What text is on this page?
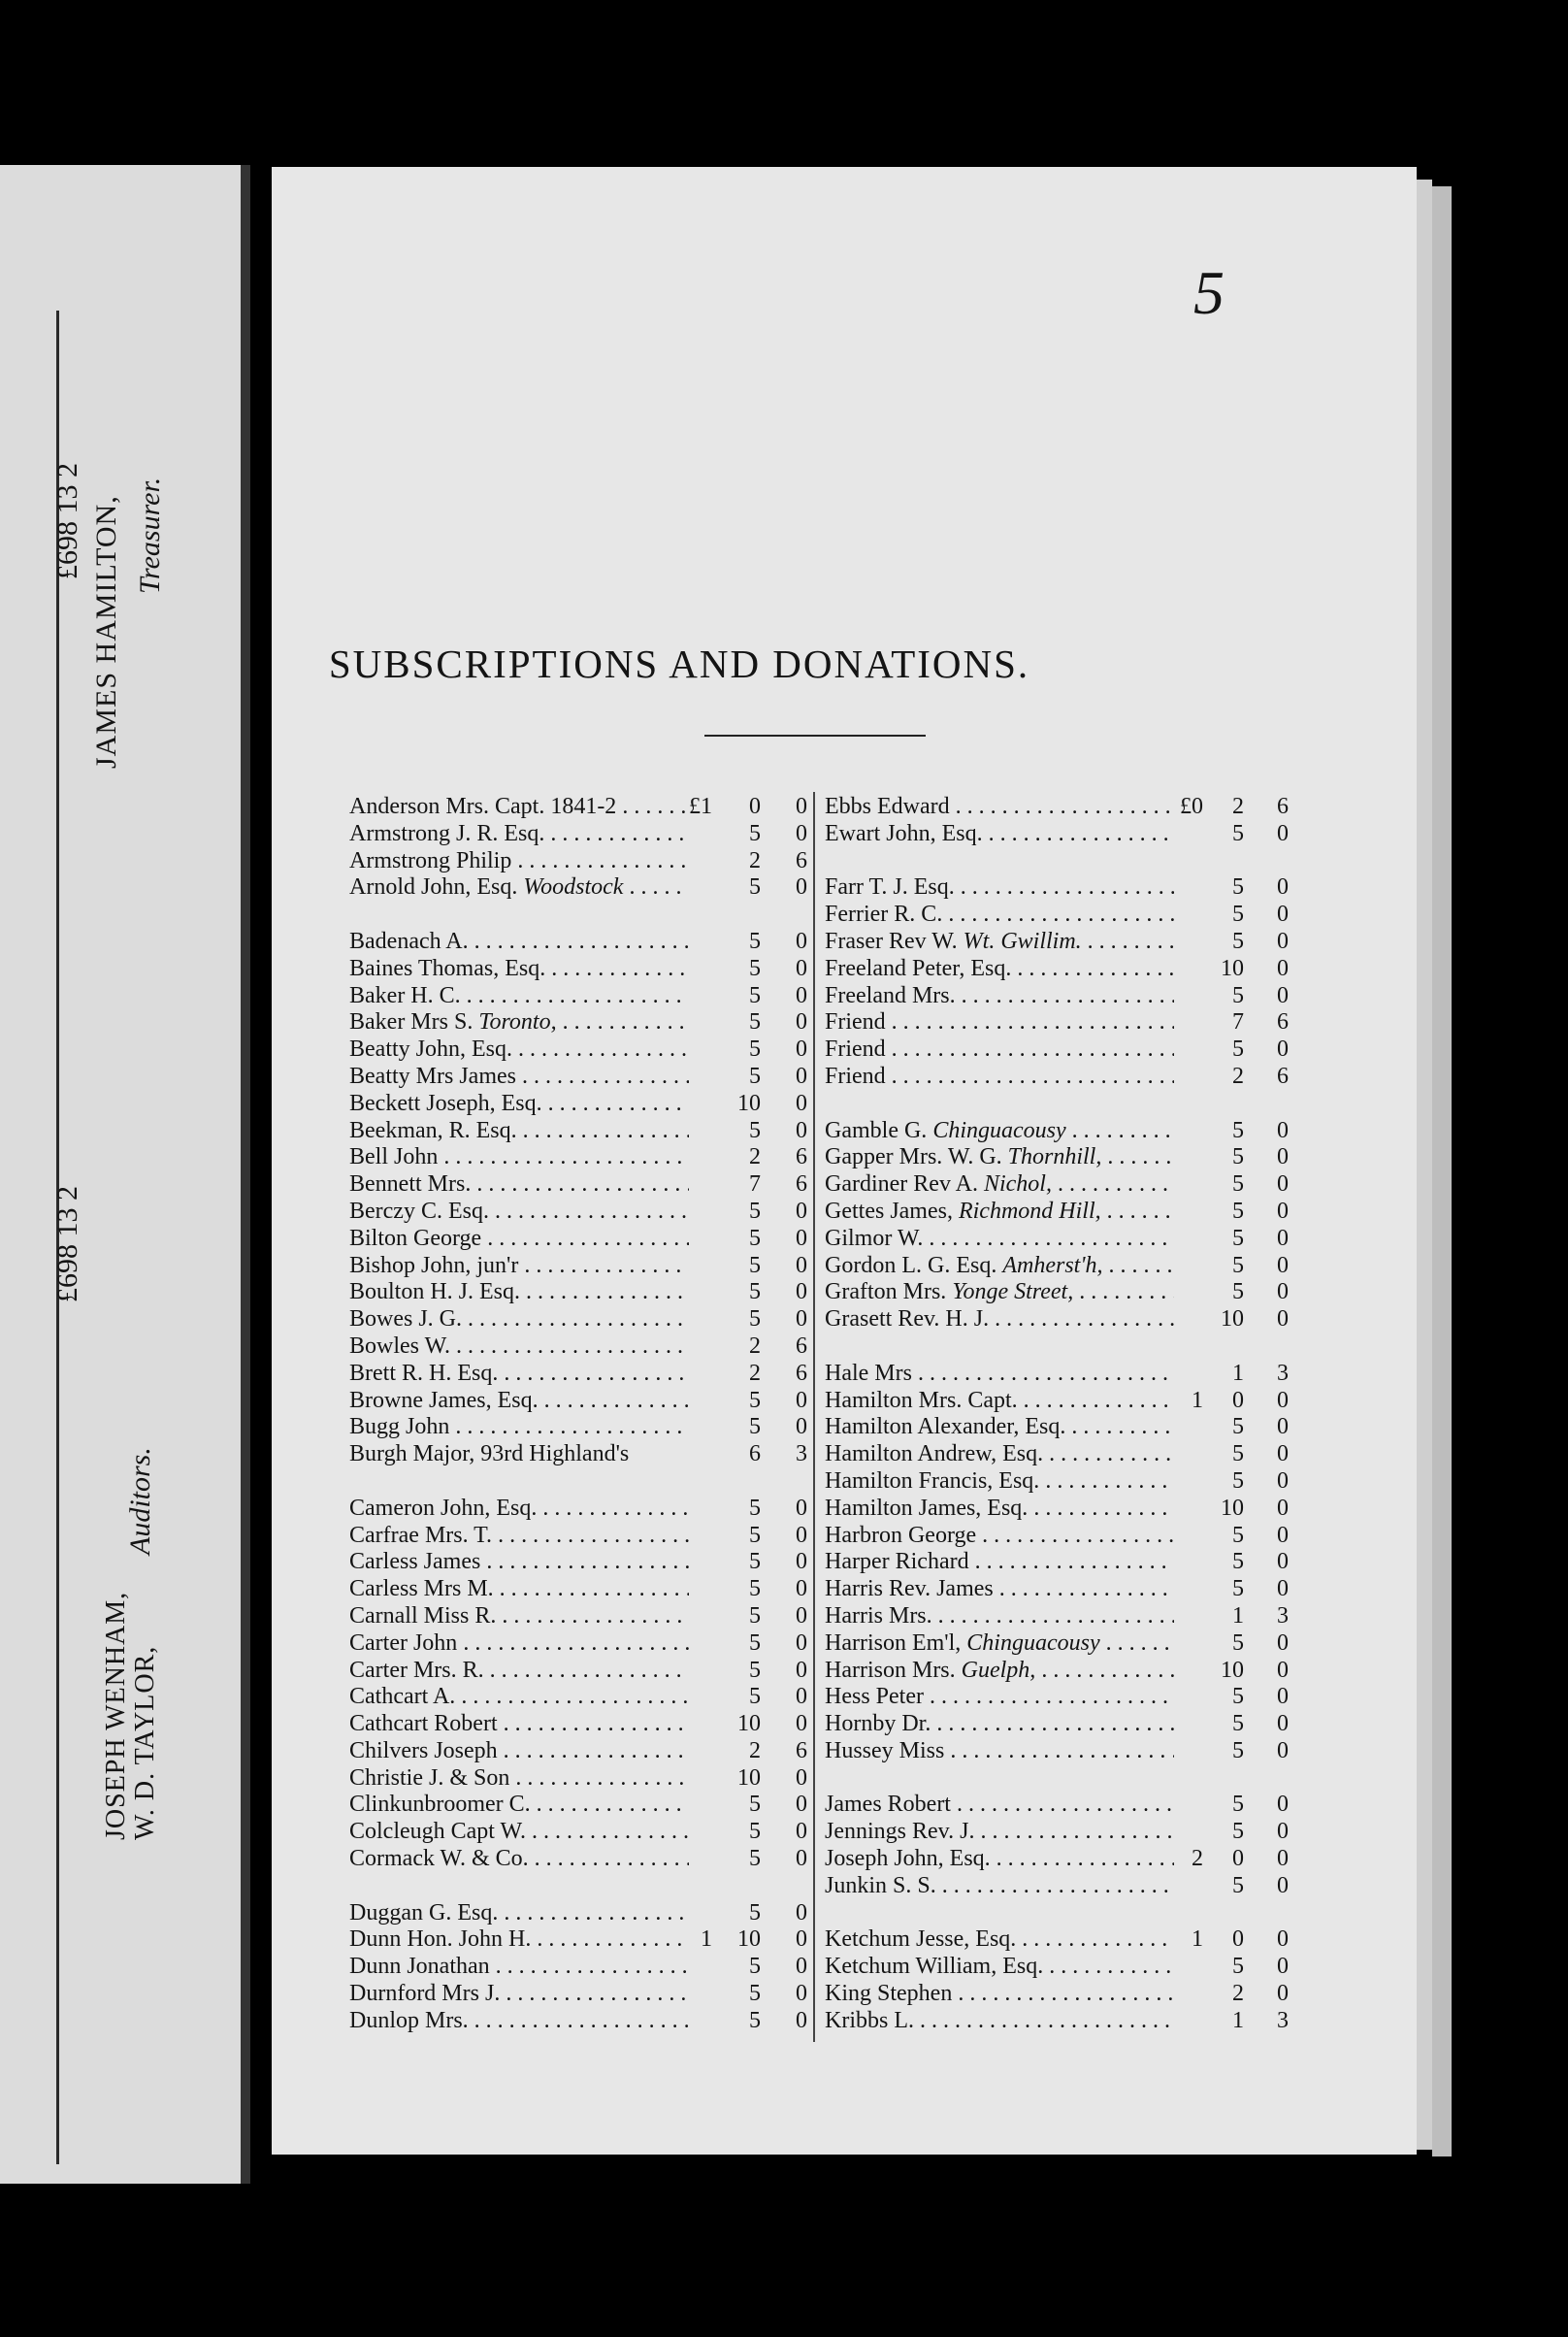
£698 13 2 JAMES HAMILTON, Treasurer.
£698 13 2
JOSEPH WENHAM, W. D. TAYLOR,
Auditors.
5
SUBSCRIPTIONS AND DONATIONS.
Anderson Mrs. Capt. 1841-2 . . .	£1	0	0
Armstrong J. R. Esq. . . .	5	0
Armstrong Philip . . .	2	6
Arnold John, Esq. Woodstock . . .	5	0
Badenach A. . . .	5	0
Baines Thomas, Esq. . . .	5	0
Baker H. C. . . .	5	0
Baker Mrs S. Toronto, . . .	5	0
Beatty John, Esq. . . .	5	0
Beatty Mrs James . . .	5	0
Beckett Joseph, Esq. . . .	10	0
Beekman, R. Esq. . . .	5	0
Bell John . . .	2	6
Bennett Mrs. . . .	7	6
Berczy C. Esq. . . .	5	0
Bilton George . . .	5	0
Bishop John, jun'r . . .	5	0
Boulton H. J. Esq. . . .	5	0
Bowes J. G. . . .	5	0
Bowles W. . . .	2	6
Brett R. H. Esq. . . .	2	6
Browne James, Esq. . . .	5	0
Bugg John . . .	5	0
Burgh Major, 93rd Highland's	6	3
Cameron John, Esq. . . .	5	0
Carfrae Mrs. T. . . .	5	0
Carless James . . .	5	0
Carless Mrs M. . . .	5	0
Carnall Miss R. . . .	5	0
Carter John . . .	5	0
Carter Mrs. R. . . .	5	0
Cathcart A. . . .	5	0
Cathcart Robert . . .	10	0
Chilvers Joseph . . .	2	6
Christie J. & Son . . .	10	0
Clinkunbroomer C. . . .	5	0
Colcleugh Capt W. . . .	5	0
Cormack W. & Co. . . .	5	0
Duggan G. Esq. . . .	5	0
Dunn Hon. John H. . . .	1	10	0
Dunn Jonathan . . .	5	0
Durnford Mrs J. . . .	5	0
Dunlop Mrs. . . .	5	0
Ebbs Edward . . .	£0	2	6
Ewart John, Esq. . . .	5	0
Farr T. J. Esq. . . .	5	0
Ferrier R. C. . . .	5	0
Fraser Rev W. Wt. Gwillim. . . .	5	0
Freeland Peter, Esq. . . .	10	0
Freeland Mrs. . . .	5	0
Friend . . .	7	6
Friend . . .	5	0
Friend . . .	2	6
Gamble G. Chinguacousy . . .	5	0
Gapper Mrs. W. G. Thornhill, . . .	5	0
Gardiner Rev A. Nichol, . . .	5	0
Gettes James, Richmond Hill, . . .	5	0
Gilmor W. . . .	5	0
Gordon L. G. Esq. Amherst'h, . . .	5	0
Grafton Mrs. Yonge Street, . . .	5	0
Grasett Rev. H. J. . . .	10	0
Hale Mrs . . .	1	3
Hamilton Mrs. Capt. . . .	1	0	0
Hamilton Alexander, Esq. . . .	5	0
Hamilton Andrew, Esq. . . .	5	0
Hamilton Francis, Esq. . . .	5	0
Hamilton James, Esq. . . .	10	0
Harbron George . . .	5	0
Harper Richard . . .	5	0
Harris Rev. James . . .	5	0
Harris Mrs. . . .	1	3
Harrison Em'l, Chinguacousy . . .	5	0
Harrison Mrs. Guelph, . . .	10	0
Hess Peter . . .	5	0
Hornby Dr. . . .	5	0
Hussey Miss . . .	5	0
James Robert . . .	5	0
Jennings Rev. J. . . .	5	0
Joseph John, Esq. . . .	2	0	0
Junkin S. S. . . .	5	0
Ketchum Jesse, Esq. . . .	1	0	0
Ketchum William, Esq. . . .	5	0
King Stephen . . .	2	0
Kribbs L. . . .	1	3
